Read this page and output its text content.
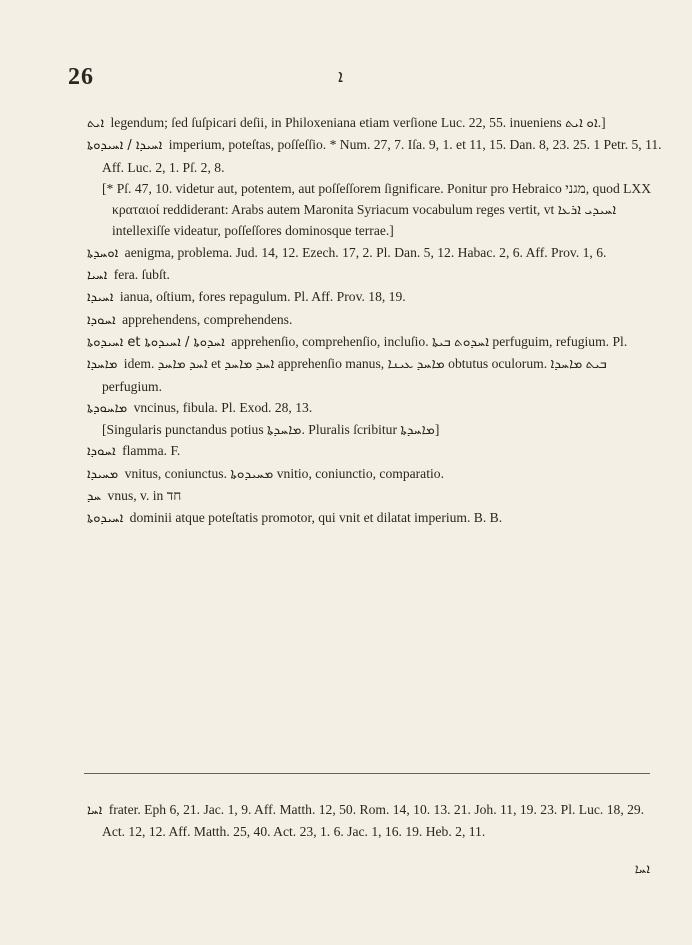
26	ܐ

ܐܝܬ legendum; ſed ſuſpicari deſii, in Philoxeniana etiam verſione Luc. 22, 55. inueniens ܐܘ ܐܝܬ.]

ܐܚܝܕܐ / ܐܚܝܕܘܬܐ imperium, poteſtas, poſſeſſio. * Num. 27, 7. Iſa. 9, 1. et 11, 15. Dan. 8, 23. 25. 1 Petr. 5, 11. Aff. Luc. 2, 1. Pſ. 2, 8.

[* Pſ. 47, 10. videtur aut, potentem, aut poſſeſſorem ſignificare. Ponitur pro Hebraico מגני, quod LXX κραταιοί reddiderant: Arabs autem Maronita Syriacum vocabulum reges vertit, vt ܐܚܝܕܝ ܐܪܥܐ intellexiſſe videatur, poſſeſſores dominosque terrae.]

ܐܘܚܕܬܐ aenigma, problema. Jud. 14, 12. Ezech. 17, 2. Pl. Dan. 5, 12. Habac. 2, 6. Aff. Prov. 1, 6.

ܐܚܝܐ fera. ſubſt.

ܐܚܝܕܐ ianua, oſtium, fores repagulum. Pl. Aff. Prov. 18, 19.

ܐܚܘܕܐ apprehendens, comprehendens.

ܐܚܕܘܬܐ / ܐܚܝܕܘܬܐ et ܐܚܝܕܘܬܐ apprehenſio, comprehenſio, incluſio. ܐܚܕܘܬ ܒܝܬܐ perfuguim, refugium. Pl.

ܡܐܚܕܐ idem. ܐܚܕ ܡܐܚܕ et ܐܚܕ ܡܐܚܕ apprehenſio manus, ܡܐܚܕ ܥܝܢܐ obtutus oculorum. ܒܝܬ ܡܐܚܕܐ perfugium.

ܡܐܚܘܕܬܐ vncinus, fibula. Pl. Exod. 28, 13.

[Singularis punctandus potius ܡܐܚܕܬܐ. Pluralis ſcribitur ܡܐܚܕܬܐ]

ܐܚܘܕܐ flamma. F.

ܡܚܝܕܐ vnitus, coniunctus. ܡܚܝܕܘܬܐ vnitio, coniunctio, comparatio.

ܚܕ vnus, v. in חד

ܐܚܝܕܘܬܐ dominii atque poteſtatis promotor, qui vnit et dilatat imperium. B. B.

ܐܚܐ frater. Eph 6, 21. Jac. 1, 9. Aff. Matth. 12, 50. Rom. 14, 10. 13. 21. Joh. 11, 19. 23. Pl. Luc. 18, 29. Act. 12, 12. Aff. Matth. 25, 40. Act. 23, 1. 6. Jac. 1, 16. 19. Heb. 2, 11.

ܐܚܐ
